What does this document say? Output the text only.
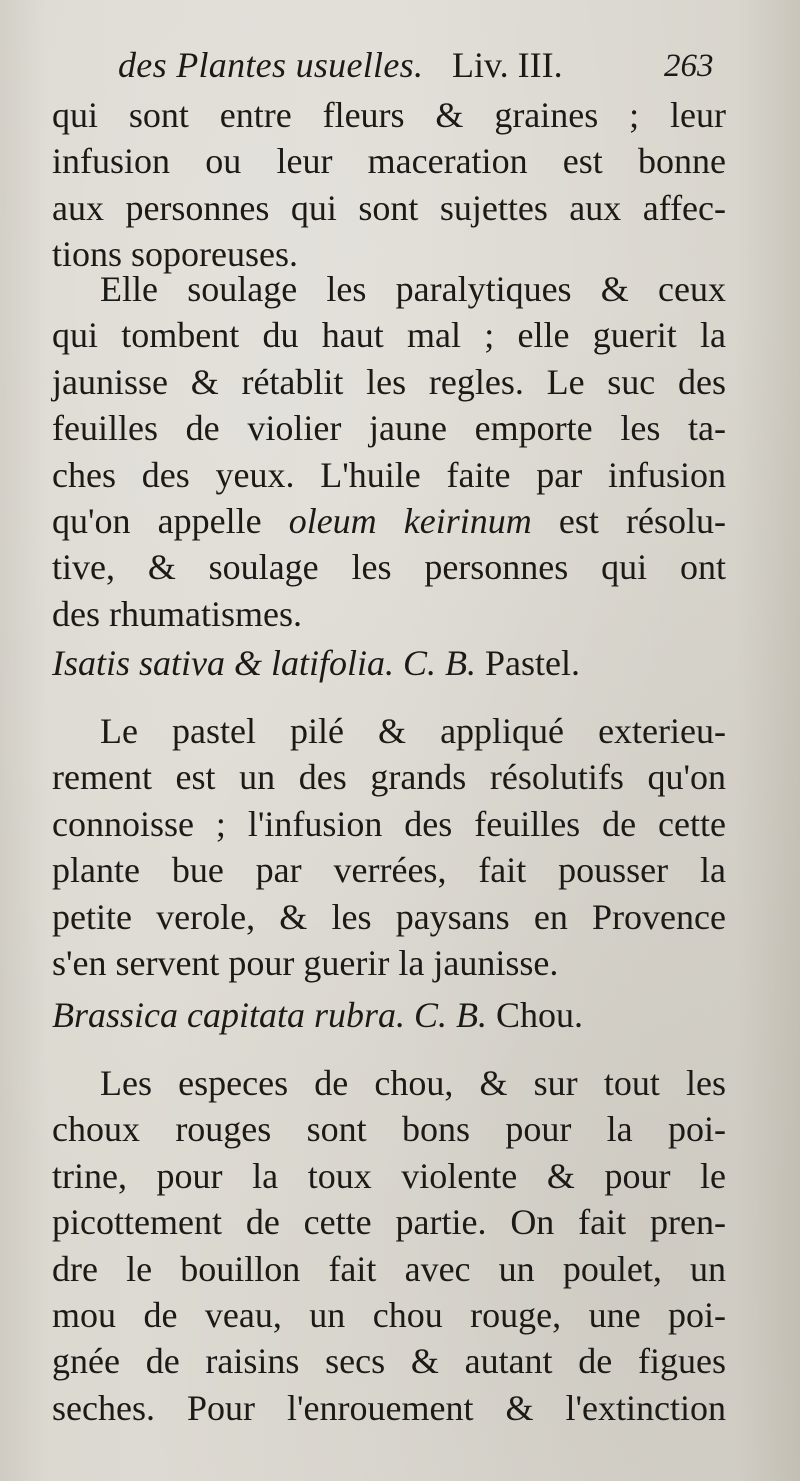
des Plantes usuelles. Liv. III.	263
qui sont entre fleurs & graines ; leur
infusion ou leur maceration est bonne
aux personnes qui sont sujettes aux affec-
tions soporeuses.
Elle soulage les paralytiques & ceux
qui tombent du haut mal ; elle guerit la
jaunisse & rétablit les regles. Le suc des
feuilles de violier jaune emporte les ta-
ches des yeux. L'huile faite par infusion
qu'on appelle oleum keirinum est résolu-
tive, & soulage les personnes qui ont
des rhumatismes.
Isatis sativa & latifolia. C. B. Pastel.
Le pastel pilé & appliqué exterieu-
rement est un des grands résolutifs qu'on
connoisse ; l'infusion des feuilles de cette
plante bue par verrées, fait pousser la
petite verole, & les paysans en Provence
s'en servent pour guerir la jaunisse.
Brassica capitata rubra. C. B. Chou.
Les especes de chou, & sur tout les
choux rouges sont bons pour la poi-
trine, pour la toux violente & pour le
picottement de cette partie. On fait pren-
dre le bouillon fait avec un poulet, un
mou de veau, un chou rouge, une poi-
gnée de raisins secs & autant de figues
seches. Pour l'enrouement & l'extinction
